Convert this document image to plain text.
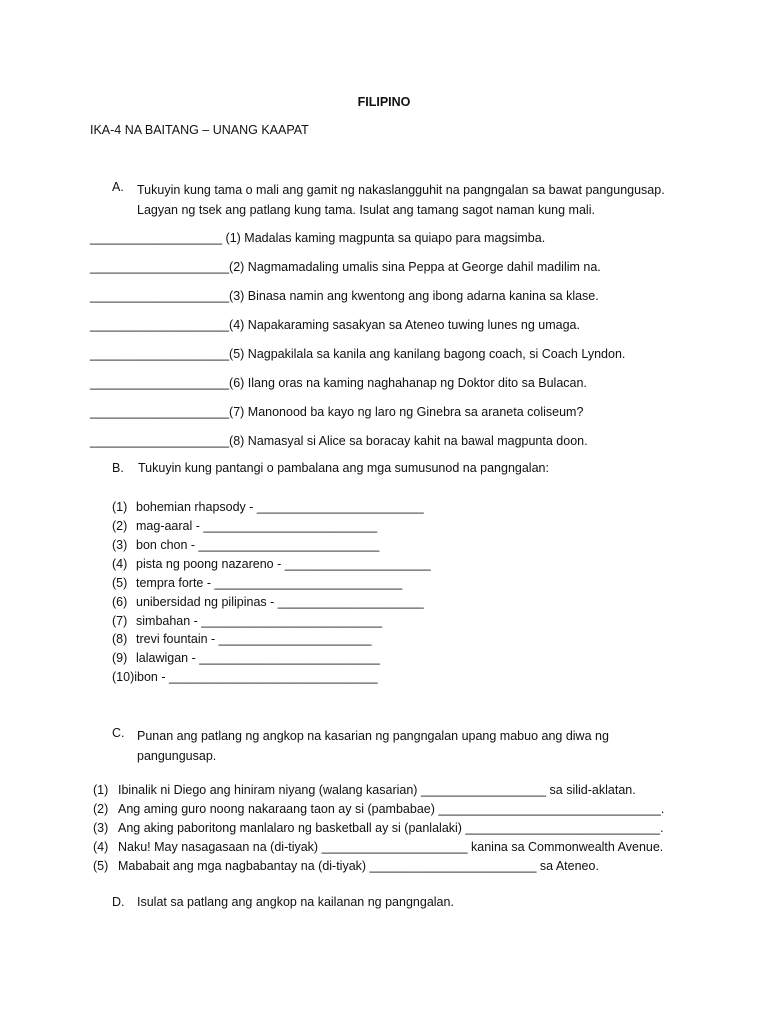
FILIPINO
IKA-4 NA BAITANG – UNANG KAAPAT
A. Tukuyin kung tama o mali ang gamit ng nakaslangguhit na pangngalan sa bawat pangungusap. Lagyan ng tsek ang patlang kung tama. Isulat ang tamang sagot naman kung mali.
___________________ (1) Madalas kaming magpunta sa quiapo para magsimba.
____________________(2) Nagmamadaling umalis sina Peppa at George dahil madilim na.
____________________(3) Binasa namin ang kwentong ang ibong adarna kanina sa klase.
____________________(4) Napakaraming sasakyan sa Ateneo tuwing lunes ng umaga.
____________________(5) Nagpakilala sa kanila ang kanilang bagong coach, si Coach Lyndon.
____________________(6) Ilang oras na kaming naghahanap ng Doktor dito sa Bulacan.
____________________(7) Manonood ba kayo ng laro ng Ginebra sa araneta coliseum?
____________________(8) Namasyal si Alice sa boracay kahit na bawal magpunta doon.
B. Tukuyin kung pantangi o pambalana ang mga sumusunod na pangngalan:
(1) bohemian rhapsody - ________________________
(2) mag-aaral - _________________________
(3) bon chon - __________________________
(4) pista ng poong nazareno - _____________________
(5) tempra forte - ___________________________
(6) unibersidad ng pilipinas - _____________________
(7) simbahan - __________________________
(8) trevi fountain - ______________________
(9) lalawigan - __________________________
(10)ibon - ______________________________
C. Punan ang patlang ng angkop na kasarian ng pangngalan upang mabuo ang diwa ng pangungusap.
(1) Ibinalik ni Diego ang hiniram niyang (walang kasarian) __________________ sa silid-aklatan.
(2) Ang aming guro noong nakaraang taon ay si (pambabae) ________________________________.
(3) Ang aking paboritong manlalaro ng basketball ay si (panlalaki) ____________________________.
(4) Naku! May nasagasaan na (di-tiyak) _____________________ kanina sa Commonwealth Avenue.
(5) Mababait ang mga nagbabantay na (di-tiyak) ________________________ sa Ateneo.
D. Isulat sa patlang ang angkop na kailanan ng pangngalan.
